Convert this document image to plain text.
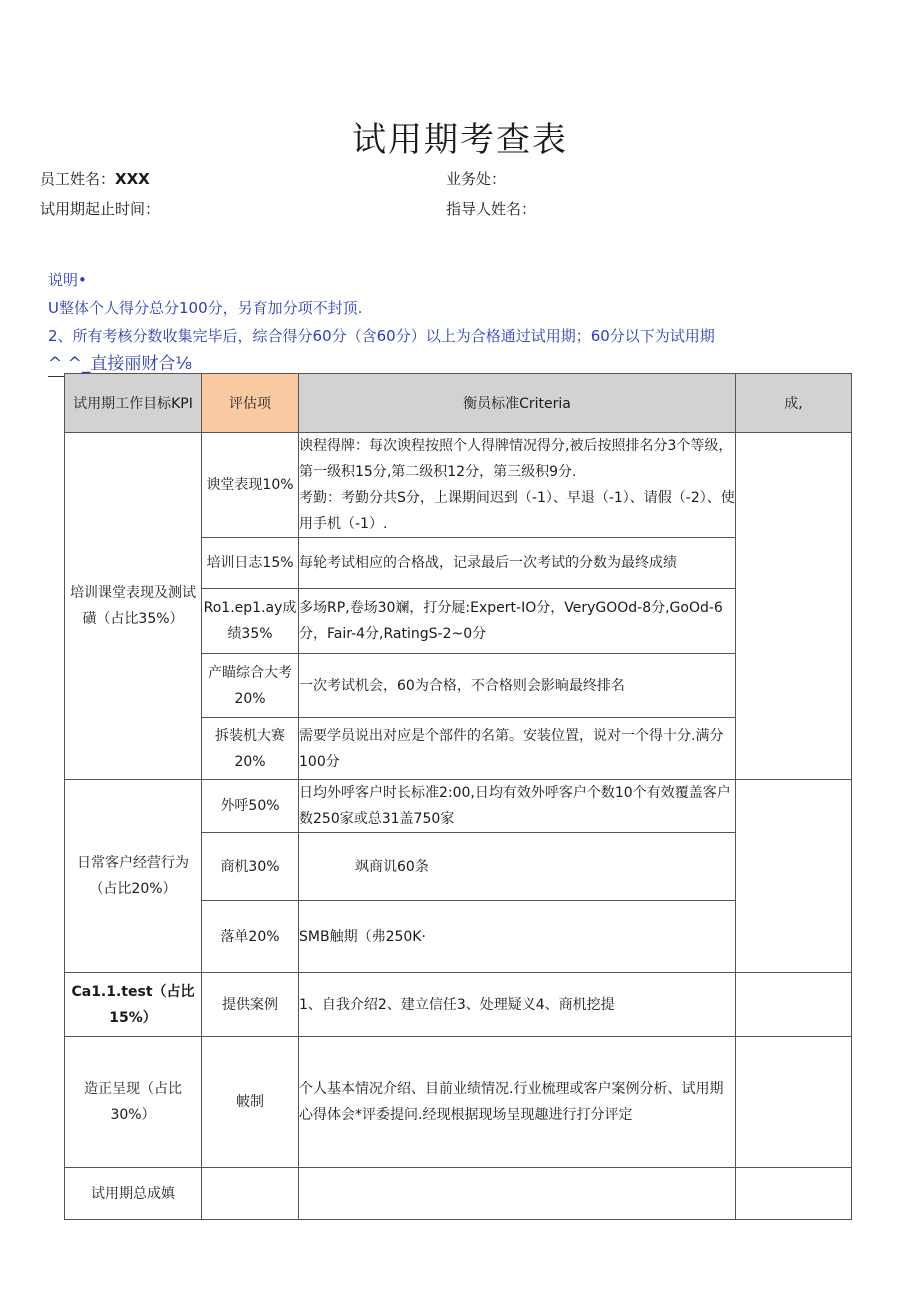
试用期考查表
员工姓名：XXX	业务处：
试用期起止时间：	指导人姓名：
说明•
U整体个人得分总分100分，另育加分项不封顶.
2、所有考核分数收集完毕后，综合得分60分（含60分）以上为合格通过试用期；60分以下为试用期
^ ^_直接丽财合⅛
试用期工作目标KPI	评估项	衡员标准Criteria	成,
培训课堂表现及测试磺（占比35%）	谀堂表现10%	谀程得牌：每次谀程按照个人得牌情况得分,被后按照排名分3个等级，第一级积15分,第二级积12分，第三级积9分.
考勤：考勤分共S分，上课期间迟到（-1）、早退（-1）、请假（-2）、使用手机（-1）.	

	培训日志15%	每轮考试相应的合格战，记录最后一次考试的分数为最终成绩	
	Ro1.ep1.ay成绩35%	多场RP,卷场30斓，打分屣:Expert-IO分，VeryGOOd-8分,GoOd-6分，Fair-4分,RatingS-2~0分	
	产瞄综合大考20%	一次考试机会，60为合格，不合格则会影晌最终排名	
	拆装机大赛20%	需要学员说出对应是个部件的名第。安装位置，说对一个得十分.满分100分	
日常客户经营行为（占比20%）	外呼50%	日均外呼客户时长标准2:00,日均有效外呼客户个数10个有效覆盖客户数250家或总31盖750家	
	商机30%	飒商讥60条	
	落单20%	SMB触期（弗250K·	
Ca1.1.test（占比15%）	提供案例	1、自我介绍2、建立信任3、处理疑义4、商机挖提	
造正呈现（占比30%）	帔制	个人基本情况介绍、目前业绩情况.行业梳理或客户案例分析、试用期心得体会*评委提问.经现根据现场呈现趣进行打分评定	
试用期总成嫃			
